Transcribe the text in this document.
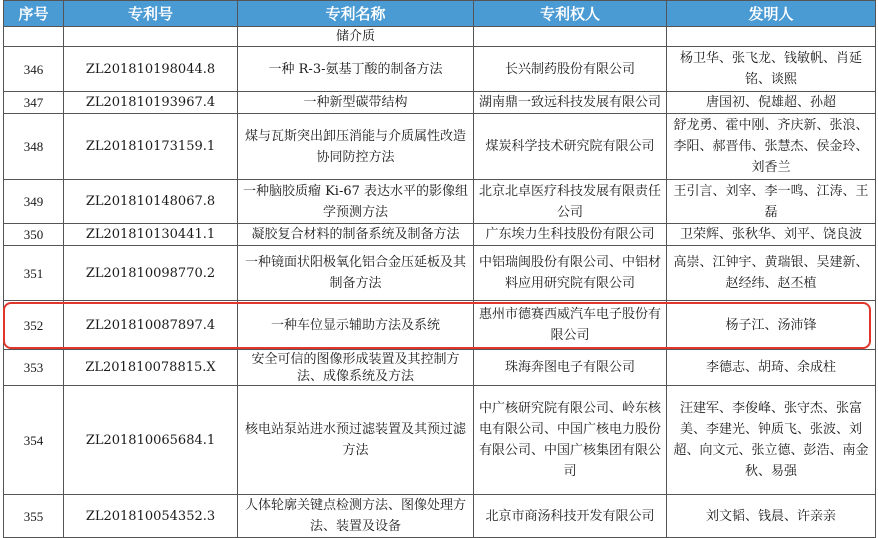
序号	专利号	专利名称	专利权人	发明人
		储介质		
346	ZL201810198044.8	一种 R-3-氨基丁酸的制备方法	长兴制药股份有限公司	杨卫华、张飞龙、钱敏帆、肖延铭、谈熙
347	ZL201810193967.4	一种新型碳带结构	湖南鼎一致远科技发展有限公司	唐国初、倪雄超、孙超
348	ZL201810173159.1	煤与瓦斯突出卸压消能与介质属性改造协同防控方法	煤炭科学技术研究院有限公司	舒龙勇、霍中刚、齐庆新、张浪、李阳、郝晋伟、张慧杰、侯金玲、刘香兰
349	ZL201810148067.8	一种脑胶质瘤 Ki-67 表达水平的影像组学预测方法	北京北卓医疗科技发展有限责任公司	王引言、刘宰、李一鸣、江涛、王磊
350	ZL201810130441.1	凝胶复合材料的制备系统及制备方法	广东埃力生科技股份有限公司	卫荣辉、张秋华、刘平、饶良波
351	ZL201810098770.2	一种镜面状阳极氧化铝合金压延板及其制备方法	中铝瑞闽股份有限公司、中铝材料应用研究院有限公司	高崇、江钟宇、黄瑞银、吴建新、赵经纬、赵丕植
352	ZL201810087897.4	一种车位显示辅助方法及系统	惠州市德赛西威汽车电子股份有限公司	杨子江、汤沛锋
353	ZL201810078815.X	安全可信的图像形成装置及其控制方法、成像系统及方法	珠海奔图电子有限公司	李德志、胡琦、余成柱
354	ZL201810065684.1	核电站泵站进水预过滤装置及其预过滤方法	中广核研究院有限公司、岭东核电有限公司、中国广核电力股份有限公司、中国广核集团有限公司	汪建军、李俊峰、张守杰、张富美、李建光、钟质飞、张波、刘超、向文元、张立德、彭浩、南金秋、易强
355	ZL201810054352.3	人体轮廓关键点检测方法、图像处理方法、装置及设备	北京市商汤科技开发有限公司	刘文韬、钱晨、许亲亲
